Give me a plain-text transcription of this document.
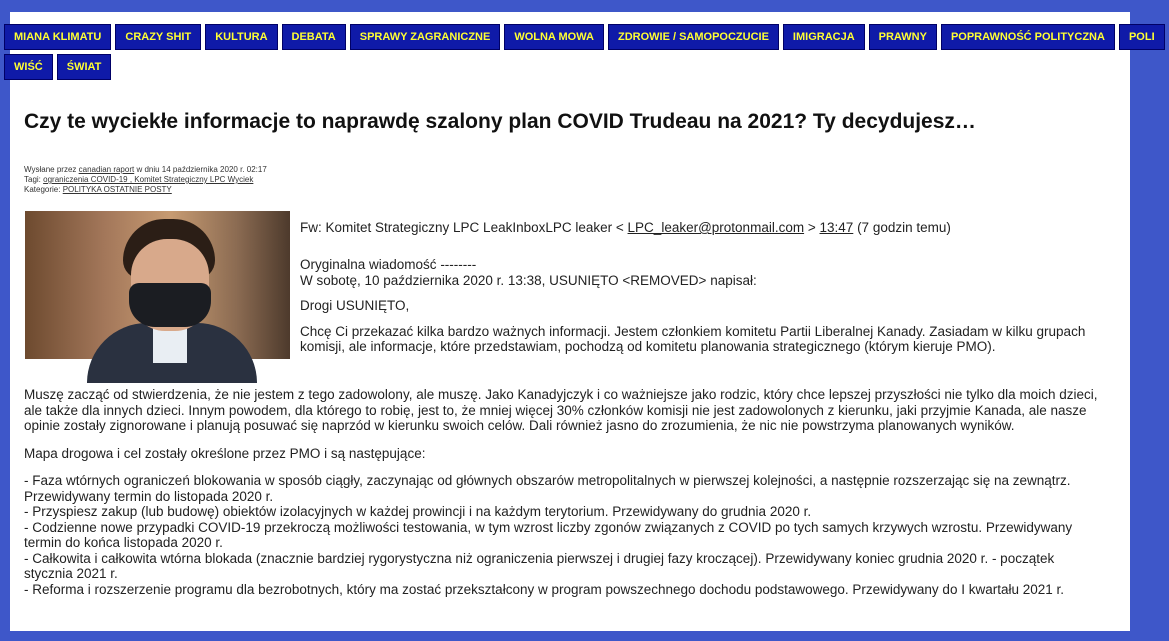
MIANA KLIMATU CRAZY SHIT KULTURA DEBATA SPRAWY ZAGRANICZNE WOLNA MOWA ZDROWIE / SAMOPOCZUCIE IMIGRACJA PRAWNY POPRAWNOŚĆ POLITYCZNA POLI
WIŚĆ ŚWIAT
Czy te wyciekłe informacje to naprawdę szalony plan COVID Trudeau na 2021? Ty decydujesz…
Wysłane przez canadian raport w dniu 14 października 2020 r. 02:17
Tagi: ograniczenia COVID-19 , Komitet Strategiczny LPC Wyciek
Kategorie: POLITYKA OSTATNIE POSTY

Fw: Komitet Strategiczny LPC LeakInboxLPC leaker < LPC_leaker@protonmail.com > 13:47 (7 godzin temu)

Oryginalna wiadomość --------
W sobotę, 10 października 2020 r. 13:38, USUNIĘTO <REMOVED> napisał:

Drogi USUNIĘTO,

Chcę Ci przekazać kilka bardzo ważnych informacji. Jestem członkiem komitetu Partii Liberalnej Kanady. Zasiadam w kilku grupach komisji, ale informacje, które przedstawiam, pochodzą od komitetu planowania strategicznego (którym kieruje PMO).

Muszę zacząć od stwierdzenia, że nie jestem z tego zadowolony, ale muszę. Jako Kanadyjczyk i co ważniejsze jako rodzic, który chce lepszej przyszłości nie tylko dla moich dzieci, ale także dla innych dzieci. Innym powodem, dla którego to robię, jest to, że mniej więcej 30% członków komisji nie jest zadowolonych z kierunku, jaki przyjmie Kanada, ale nasze opinie zostały zignorowane i planują posuwać się naprzód w kierunku swoich celów. Dali również jasno do zrozumienia, że nic nie powstrzyma planowanych wyników.

Mapa drogowa i cel zostały określone przez PMO i są następujące:

- Faza wtórnych ograniczeń blokowania w sposób ciągły, zaczynając od głównych obszarów metropolitalnych w pierwszej kolejności, a następnie rozszerzając się na zewnątrz. Przewidywany termin do listopada 2020 r.

- Przyspiesz zakup (lub budowę) obiektów izolacyjnych w każdej prowincji i na każdym terytorium. Przewidywany do grudnia 2020 r.

- Codzienne nowe przypadki COVID-19 przekroczą możliwości testowania, w tym wzrost liczby zgonów związanych z COVID po tych samych krzywych wzrostu. Przewidywany termin do końca listopada 2020 r.

- Całkowita i całkowita wtórna blokada (znacznie bardziej rygorystyczna niż ograniczenia pierwszej i drugiej fazy kroczącej). Przewidywany koniec grudnia 2020 r. - początek stycznia 2021 r.

- Reforma i rozszerzenie programu dla bezrobotnych, który ma zostać przekształcony w program powszechnego dochodu podstawowego. Przewidywany do I kwartału 2021 r.
